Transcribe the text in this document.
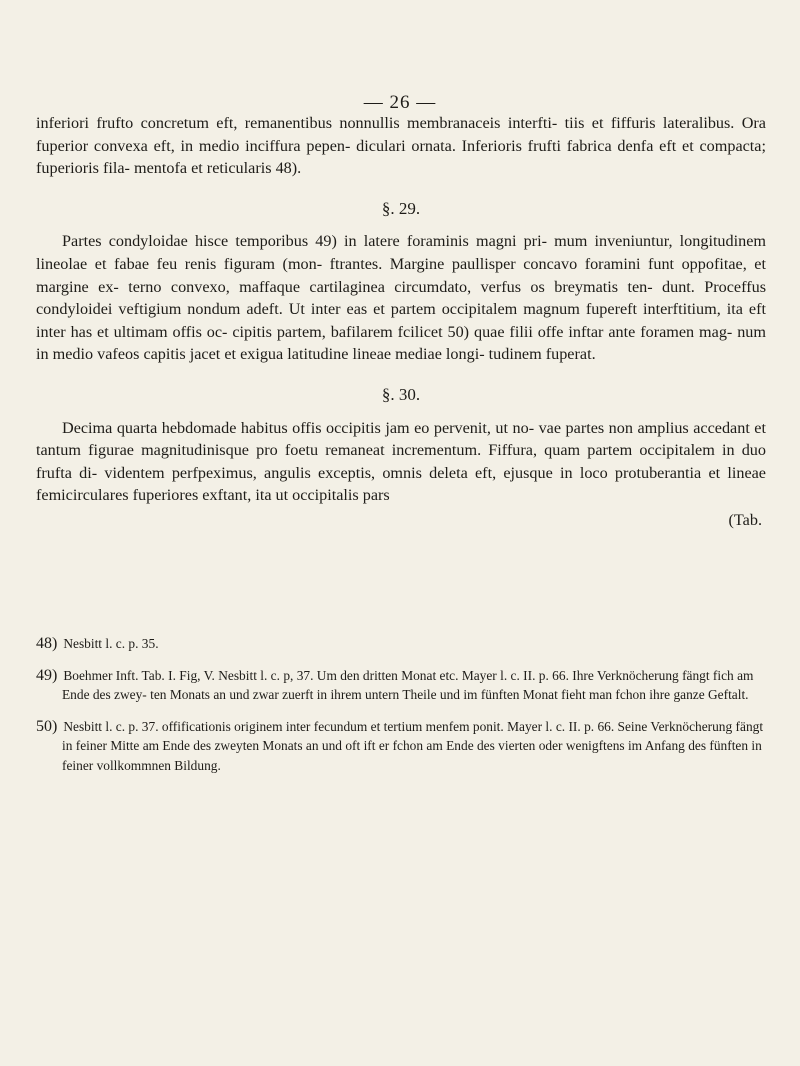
— 26 —

inferiori frufto concretum eft, remanentibus nonnullis membranaceis interfti- tiis et fiffuris lateralibus. Ora fuperior convexa eft, in medio inciffura pepen- diculari ornata. Inferioris frufti fabrica denfa eft et compacta; fuperioris fila- mentofa et reticularis 48).

§. 29.

Partes condyloidae hisce temporibus 49) in latere foraminis magni pri- mum inveniuntur, longitudinem lineolae et fabae feu renis figuram (mon- ftrantes. Margine paullisper concavo foramini funt oppofitae, et margine ex- terno convexo, maffaque cartilaginea circumdato, verfus os breymatis ten- dunt. Proceffus condyloidei veftigium nondum adeft. Ut inter eas et partem occipitalem magnum fupereft interftitium, ita eft inter has et ultimam offis oc- cipitis partem, bafilarem fcilicet 50) quae filii offe inftar ante foramen mag- num in medio vafeos capitis jacet et exigua latitudine lineae mediae longi- tudinem fuperat.

§. 30.

Decima quarta hebdomade habitus offis occipitis jam eo pervenit, ut no- vae partes non amplius accedant et tantum figurae magnitudinisque pro foetu remaneat incrementum. Fiffura, quam partem occipitalem in duo frufta di- videntem perfpeximus, angulis exceptis, omnis deleta eft, ejusque in loco protuberantia et lineae femicirculares fuperiores exftant, ita ut occipitalis pars

(Tab.

48) Nesbitt l. c. p. 35.

49) Boehmer Inft. Tab. I. Fig, V. Nesbitt l. c. p, 37. Um den dritten Monat etc. Mayer l. c. II. p. 66. Ihre Verknöcherung fängt fich am Ende des zwey- ten Monats an und zwar zuerft in ihrem untern Theile und im fünften Monat fieht man fchon ihre ganze Geftalt.

50) Nesbitt l. c. p. 37. offificationis originem inter fecundum et tertium menfem ponit. Mayer l. c. II. p. 66. Seine Verknöcherung fängt in feiner Mitte am Ende des zweyten Monats an und oft ift er fchon am Ende des vierten oder wenigftens im Anfang des fünften in feiner vollkommnen Bildung.
